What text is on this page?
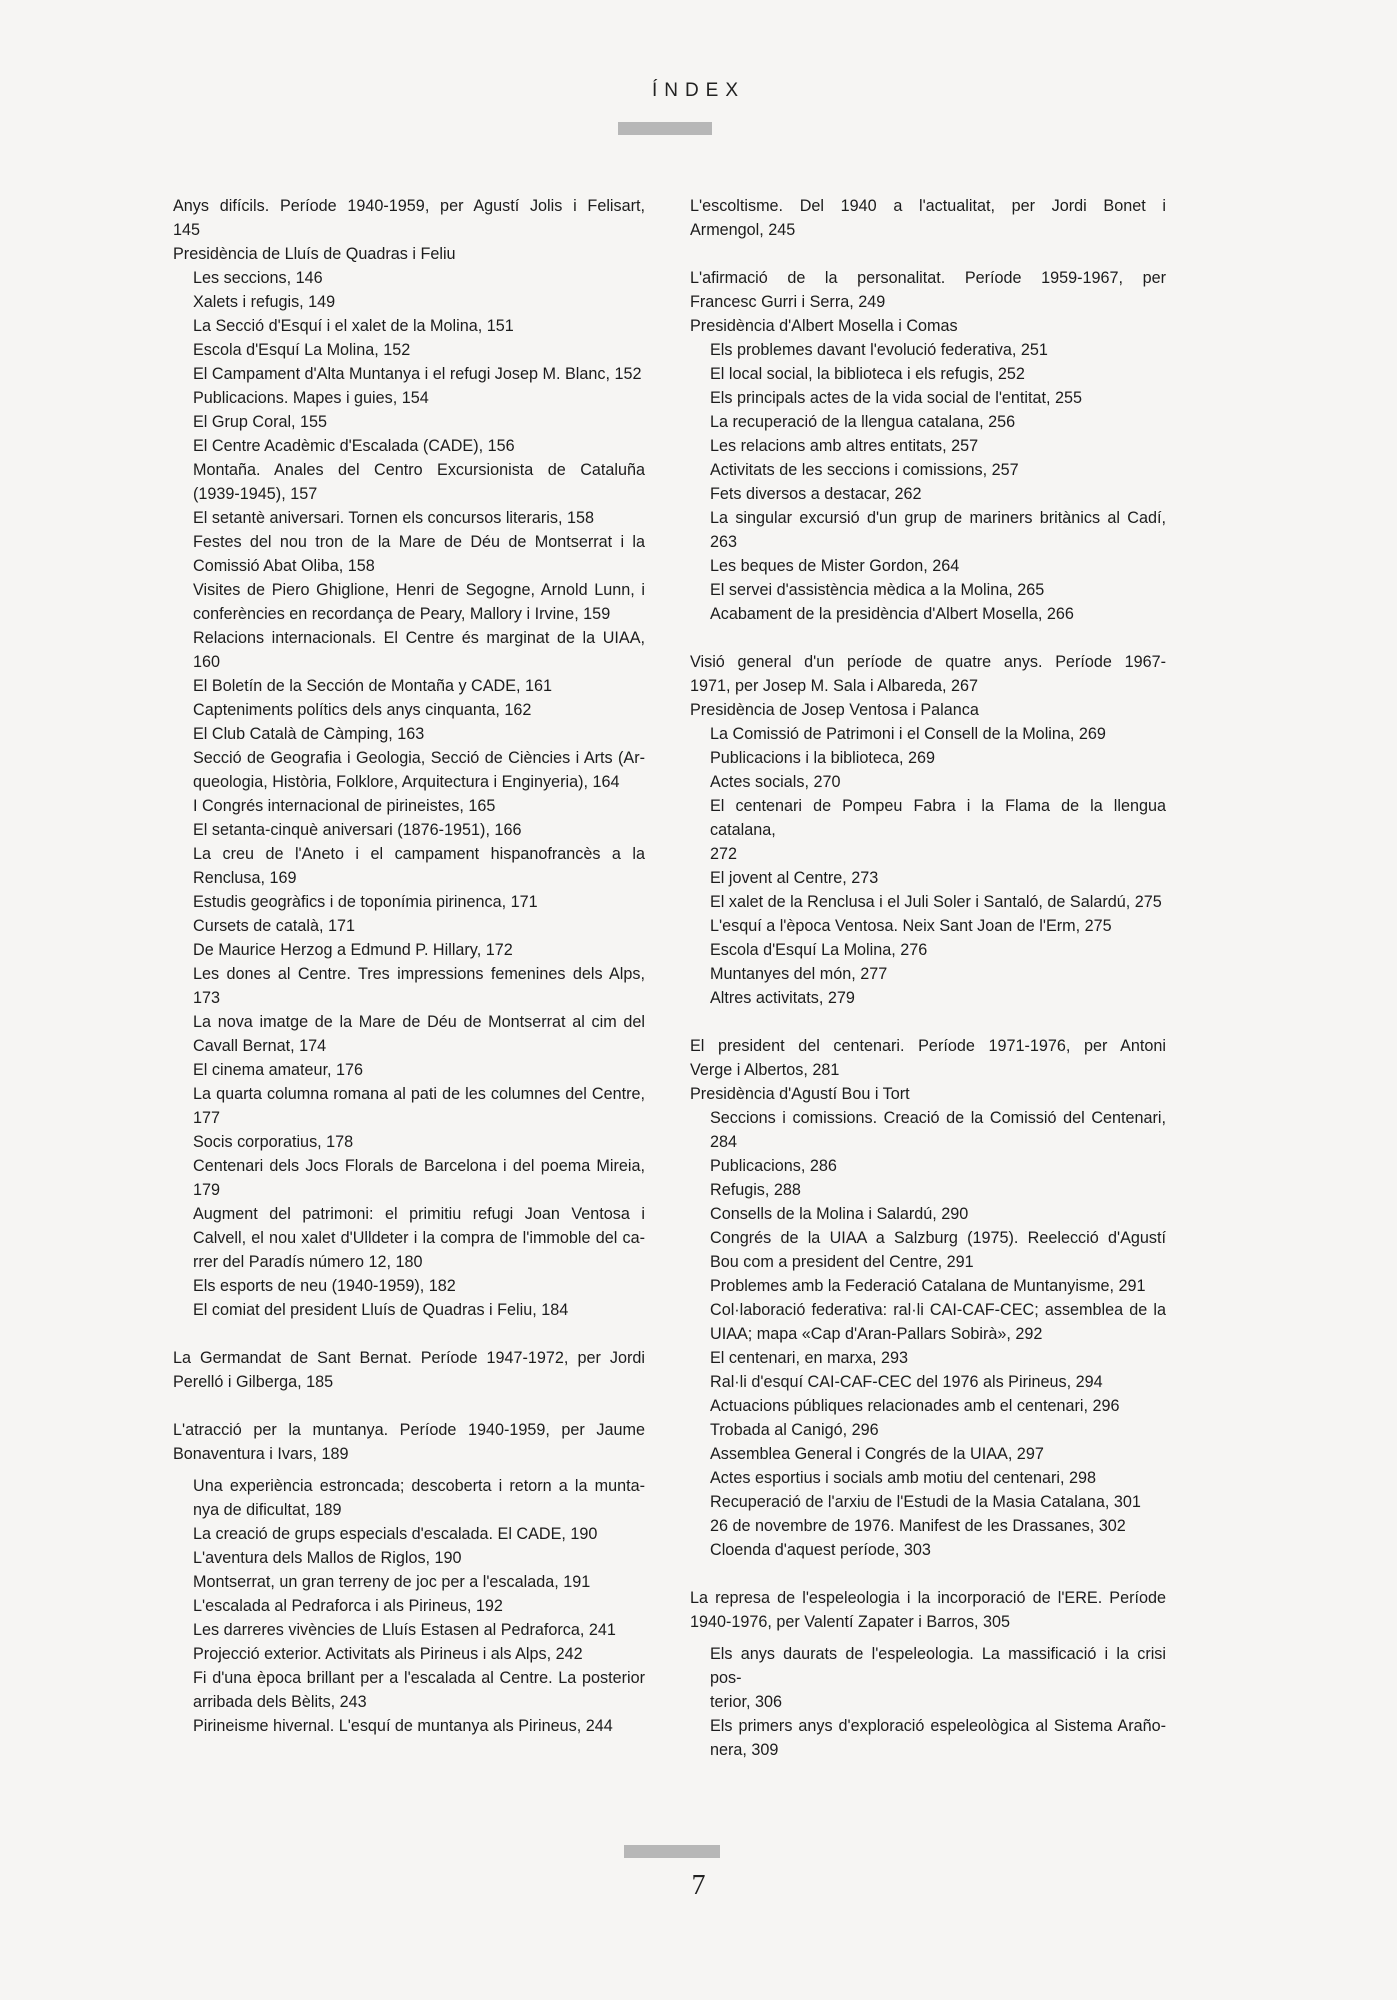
ÍNDEX
Anys difícils. Període 1940-1959, per Agustí Jolis i Felisart,
145
Presidència de Lluís de Quadras i Feliu
Les seccions, 146
Xalets i refugis, 149
La Secció d'Esquí i el xalet de la Molina, 151
Escola d'Esquí La Molina, 152
El Campament d'Alta Muntanya i el refugi Josep M. Blanc, 152
Publicacions. Mapes i guies, 154
El Grup Coral, 155
El Centre Acadèmic d'Escalada (CADE), 156
Montaña. Anales del Centro Excursionista de Cataluña
(1939-1945), 157
El setantè aniversari. Tornen els concursos literaris, 158
Festes del nou tron de la Mare de Déu de Montserrat i la
Comissió Abat Oliba, 158
Visites de Piero Ghiglione, Henri de Segogne, Arnold Lunn, i
conferències en recordança de Peary, Mallory i Irvine, 159
Relacions internacionals. El Centre és marginat de la UIAA,
160
El Boletín de la Sección de Montaña y CADE, 161
Capteniments polítics dels anys cinquanta, 162
El Club Català de Càmping, 163
Secció de Geografia i Geologia, Secció de Ciències i Arts (Ar-
queologia, Història, Folklore, Arquitectura i Enginyeria), 164
I Congrés internacional de pirineistes, 165
El setanta-cinquè aniversari (1876-1951), 166
La creu de l'Aneto i el campament hispanofrancès a la
Renclusa, 169
Estudis geogràfics i de toponímia pirinenca, 171
Cursets de català, 171
De Maurice Herzog a Edmund P. Hillary, 172
Les dones al Centre. Tres impressions femenines dels Alps,
173
La nova imatge de la Mare de Déu de Montserrat al cim del
Cavall Bernat, 174
El cinema amateur, 176
La quarta columna romana al pati de les columnes del Centre,
177
Socis corporatius, 178
Centenari dels Jocs Florals de Barcelona i del poema Mireia,
179
Augment del patrimoni: el primitiu refugi Joan Ventosa i
Calvell, el nou xalet d'Ulldeter i la compra de l'immoble del ca-
rrer del Paradís número 12, 180
Els esports de neu (1940-1959), 182
El comiat del president Lluís de Quadras i Feliu, 184
La Germandat de Sant Bernat. Període 1947-1972, per Jordi
Perelló i Gilberga, 185
L'atracció per la muntanya. Període 1940-1959, per Jaume
Bonaventura i Ivars, 189
Una experiència estroncada; descoberta i retorn a la munta-
nya de dificultat, 189
La creació de grups especials d'escalada. El CADE, 190
L'aventura dels Mallos de Riglos, 190
Montserrat, un gran terreny de joc per a l'escalada, 191
L'escalada al Pedraforca i als Pirineus, 192
Les darreres vivències de Lluís Estasen al Pedraforca, 241
Projecció exterior. Activitats als Pirineus i als Alps, 242
Fi d'una època brillant per a l'escalada al Centre. La posterior
arribada dels Bèlits, 243
Pirineisme hivernal. L'esquí de muntanya als Pirineus, 244
L'escoltisme. Del 1940 a l'actualitat, per Jordi Bonet i
Armengol, 245
L'afirmació de la personalitat. Període 1959-1967, per
Francesc Gurri i Serra, 249
Presidència d'Albert Mosella i Comas
Els problemes davant l'evolució federativa, 251
El local social, la biblioteca i els refugis, 252
Els principals actes de la vida social de l'entitat, 255
La recuperació de la llengua catalana, 256
Les relacions amb altres entitats, 257
Activitats de les seccions i comissions, 257
Fets diversos a destacar, 262
La singular excursió d'un grup de mariners britànics al Cadí,
263
Les beques de Mister Gordon, 264
El servei d'assistència mèdica a la Molina, 265
Acabament de la presidència d'Albert Mosella, 266
Visió general d'un període de quatre anys. Període 1967-
1971, per Josep M. Sala i Albareda, 267
Presidència de Josep Ventosa i Palanca
La Comissió de Patrimoni i el Consell de la Molina, 269
Publicacions i la biblioteca, 269
Actes socials, 270
El centenari de Pompeu Fabra i la Flama de la llengua catalana,
272
El jovent al Centre, 273
El xalet de la Renclusa i el Juli Soler i Santaló, de Salardú, 275
L'esquí a l'època Ventosa. Neix Sant Joan de l'Erm, 275
Escola d'Esquí La Molina, 276
Muntanyes del món, 277
Altres activitats, 279
El president del centenari. Període 1971-1976, per Antoni
Verge i Albertos, 281
Presidència d'Agustí Bou i Tort
Seccions i comissions. Creació de la Comissió del Centenari,
284
Publicacions, 286
Refugis, 288
Consells de la Molina i Salardú, 290
Congrés de la UIAA a Salzburg (1975). Reelecció d'Agustí
Bou com a president del Centre, 291
Problemes amb la Federació Catalana de Muntanyisme, 291
Col·laboració federativa: ral·li CAI-CAF-CEC; assemblea de la
UIAA; mapa «Cap d'Aran-Pallars Sobirà», 292
El centenari, en marxa, 293
Ral·li d'esquí CAI-CAF-CEC del 1976 als Pirineus, 294
Actuacions públiques relacionades amb el centenari, 296
Trobada al Canigó, 296
Assemblea General i Congrés de la UIAA, 297
Actes esportius i socials amb motiu del centenari, 298
Recuperació de l'arxiu de l'Estudi de la Masia Catalana, 301
26 de novembre de 1976. Manifest de les Drassanes, 302
Cloenda d'aquest període, 303
La represa de l'espeleologia i la incorporació de l'ERE. Període
1940-1976, per Valentí Zapater i Barros, 305
Els anys daurats de l'espeleologia. La massificació i la crisi pos-
terior, 306
Els primers anys d'exploració espeleològica al Sistema Araño-
nera, 309
7
